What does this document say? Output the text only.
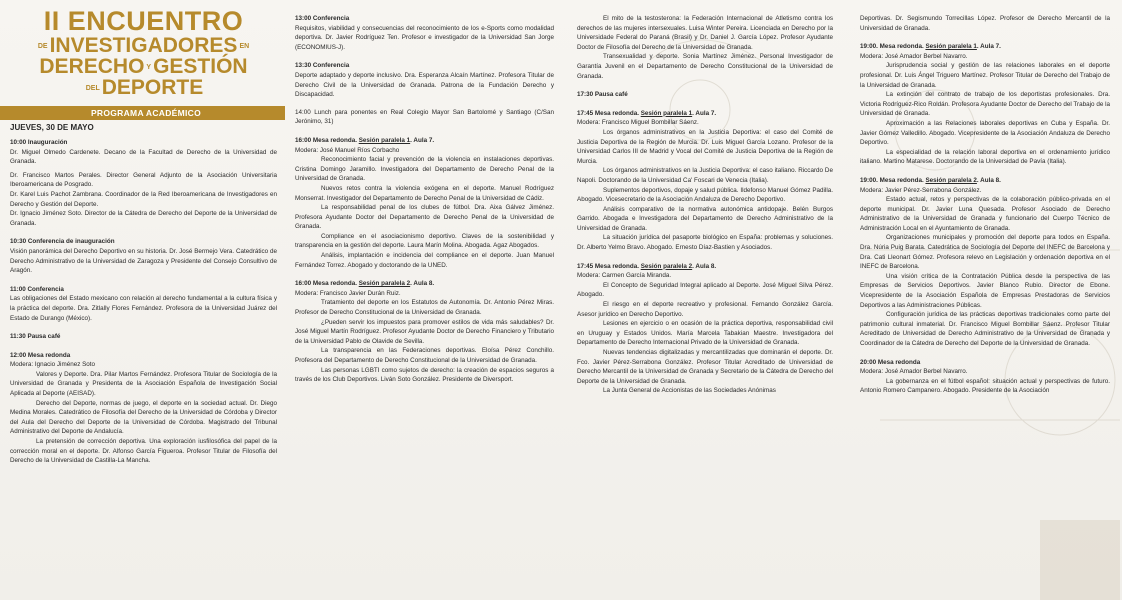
II ENCUENTRO
DEINVESTIGADORES EN
DERECHO YGESTIÓN
DELDEPORTE
PROGRAMA ACADÉMICO
JUEVES, 30 DE MAYO

10:00 Inauguración

Dr. Miguel Olmedo Cardenete. Decano de la Facultad de Derecho de la Universidad de Granada.

Dr. Francisco Martos Perales. Director General Adjunto de la Asociación Universitaria Iberoamericana de Posgrado.

Dr. Karel Luis Pachot Zambrana. Coordinador de la Red Iberoamericana de Investigadores en Derecho y Gestión del Deporte.

Dr. Ignacio Jiménez Soto. Director de la Cátedra de Derecho del Deporte de la Universidad de Granada.

10:30 Conferencia de inauguración

Visión panorámica del Derecho Deportivo en su historia. Dr. José Bermejo Vera. Catedrático de Derecho Administrativo de la Universidad de Zaragoza y Presidente del Consejo Consultivo de Aragón.

11:00 Conferencia

Las obligaciones del Estado mexicano con relación al derecho fundamental a la cultura física y la práctica del deporte. Dra. Zitlally Flores Fernández. Profesora de la Universidad Juárez del Estado de Durango (México).

11:30 Pausa café

12:00 Mesa redonda

Modera: Ignacio Jiménez Soto

Valores y Deporte. Dra. Pilar Martos Fernández. Profesora Titular de Sociología de la Universidad de Granada y Presidenta de la Asociación Española de Investigación Social Aplicada al Deporte (AEISAD).

Derecho del Deporte, normas de juego, el deporte en la sociedad actual. Dr. Diego Medina Morales. Catedrático de Filosofía del Derecho de la Universidad de Córdoba y Director del Aula del Derecho del Deporte de la Universidad de Córdoba. Magistrado del Tribunal Administrativo del Deporte de Andalucía.

La pretensión de corrección deportiva. Una exploración iusfilosófica del papel de la corrección moral en el deporte. Dr. Alfonso García Figueroa. Profesor Titular de Filosofía del Derecho de la Universidad de Castilla-La Mancha.

13:00 Conferencia

Requisitos, viabilidad y consecuencias del reconocimiento de los e-Sports como modalidad deportiva. Dr. Javier Rodríguez Ten. Profesor e investigador de la Universidad San Jorge (ECONOMIUS-J).

13:30 Conferencia

Deporte adaptado y deporte inclusivo. Dra. Esperanza Alcaín Martínez. Profesora Titular de Derecho Civil de la Universidad de Granada. Patrona de la Fundación Derecho y Discapacidad.

14:00 Lunch para ponentes en Real Colegio Mayor San Bartolomé y Santiago (C/San Jerónimo, 31)

16:00 Mesa redonda. Sesión paralela 1. Aula 7.

Modera: José Manuel Ríos Corbacho

Reconocimiento facial y prevención de la violencia en instalaciones deportivas. Cristina Domingo Jaramillo. Investigadora del Departamento de Derecho Penal de la Universidad de Granada.

Nuevos retos contra la violencia exógena en el deporte. Manuel Rodríguez Monserrat. Investigador del Departamento de Derecho Penal de la Universidad de Cádiz.

La responsabilidad penal de los clubes de fútbol. Dra. Aixa Gálvez Jiménez. Profesora Ayudante Doctor del Departamento de Derecho Penal de la Universidad de Granada.

Compliance en el asociacionismo deportivo. Claves de la sostenibilidad y transparencia en la gestión del deporte. Laura Marín Molina. Abogada. Agaz Abogados.

Análisis, implantación e incidencia del compliance en el deporte. Juan Manuel Fernández Torrez. Abogado y doctorando de la UNED.

16:00 Mesa redonda. Sesión paralela 2. Aula 8.

Modera: Francisco Javier Durán Ruiz.

Tratamiento del deporte en los Estatutos de Autonomía. Dr. Antonio Pérez Miras. Profesor de Derecho Constitucional de la Universidad de Granada.

¿Pueden servir los impuestos para promover estilos de vida más saludables? Dr. José Miguel Martín Rodríguez. Profesor Ayudante Doctor de Derecho Financiero y Tributario de la Universidad Pablo de Olavide de Sevilla.

La transparencia en las Federaciones deportivas. Eloísa Pérez Conchillo. Profesora del Departamento de Derecho Constitucional de la Universidad de Granada.

Las personas LGBTI como sujetos de derecho: la creación de espacios seguros a través de los Club Deportivos. Liván Soto González. Presidente de Diversport.

El mito de la testosterona: la Federación Internacional de Atletismo contra los derechos de las mujeres intersexuales. Luisa Winter Pereira. Licenciada en Derecho por la Universidade Federal do Paraná (Brasil) y Dr. Daniel J. García López. Profesor Ayudante Doctor de Filosofía del Derecho de la Universidad de Granada.

Transexualidad y deporte. Sonia Martínez Jiménez. Personal Investigador de Garantía Juvenil en el Departamento de Derecho Constitucional de la Universidad de Granada.

17:30 Pausa café

17:45 Mesa redonda. Sesión paralela 1. Aula 7.

Modera: Francisco Miguel Bombillar Sáenz.

Los órganos administrativos en la Justicia Deportiva: el caso del Comité de Justicia Deportiva de la Región de Murcia. Dr. Luis Miguel García Lozano. Profesor de la Universidad Carlos III de Madrid y Vocal del Comité de Justicia Deportiva de la Región de Murcia.

Los órganos administrativos en la Justicia Deportiva: el caso italiano. Riccardo De Napoli. Doctorando de la Universidad Ca' Foscari de Venecia (Italia).

Suplementos deportivos, dopaje y salud pública. Ildefonso Manuel Gómez Padilla. Abogado. Vicesecretario de la Asociación Andaluza de Derecho Deportivo.

Análisis comparativo de la normativa autonómica antidopaje. Belén Burgos Garrido. Abogada e Investigadora del Departamento de Derecho Administrativo de la Universidad de Granada.

La situación jurídica del pasaporte biológico en España: problemas y soluciones. Dr. Alberto Yelmo Bravo. Abogado. Ernesto Díaz-Bastien y Asociados.

17:45 Mesa redonda. Sesión paralela 2. Aula 8.

Modera: Carmen García Miranda.

El Concepto de Seguridad Integral aplicado al Deporte. José Miguel Silva Pérez. Abogado.

El riesgo en el deporte recreativo y profesional. Fernando González García. Asesor jurídico en Derecho Deportivo.

Lesiones en ejercicio o en ocasión de la práctica deportiva, responsabilidad civil en Uruguay y Estados Unidos. María Marcela Tabakian Maestre. Investigadora del Departamento de Derecho Internacional Privado de la Universidad de Granada.

Nuevas tendencias digitalizadas y mercantilizadas que dominarán el deporte. Dr. Fco. Javier Pérez-Serrabona González. Profesor Titular Acreditado de Universidad de Derecho Mercantil de la Universidad de Granada y Secretario de la Cátedra de Derecho del Deporte de la Universidad de Granada.

La Junta General de Accionistas de las Sociedades Anónimas

Deportivas. Dr. Segismundo Torrecillas López. Profesor de Derecho Mercantil de la Universidad de Granada.

19:00. Mesa redonda. Sesión paralela 1. Aula 7.

Modera: José Amador Berbel Navarro.

Jurisprudencia social y gestión de las relaciones laborales en el deporte profesional. Dr. Luis Ángel Triguero Martínez. Profesor Titular de Derecho del Trabajo de la Universidad de Granada.

La extinción del contrato de trabajo de los deportistas profesionales. Dra. Victoria Rodríguez-Rico Roldán. Profesora Ayudante Doctor de Derecho del Trabajo de la Universidad de Granada.

Aproximación a las Relaciones laborales deportivas en Cuba y España. Dr. Javier Gómez Valledillo. Abogado. Vicepresidente de la Asociación Andaluza de Derecho Deportivo.

La especialidad de la relación laboral deportiva en el ordenamiento jurídico italiano. Martino Matarese. Doctorando de la Universidad de Pavía (Italia).

19:00. Mesa redonda. Sesión paralela 2. Aula 8.

Modera: Javier Pérez-Serrabona González.

Estado actual, retos y perspectivas de la colaboración público-privada en el deporte municipal. Dr. Javier Luna Quesada. Profesor Asociado de Derecho Administrativo de la Universidad de Granada y funcionario del Cuerpo Técnico de Administración Local en el Ayuntamiento de Granada.

Organizaciones municipales y promoción del deporte para todos en España. Dra. Núria Puig Barata. Catedrática de Sociología del Deporte del INEFC de Barcelona y Dra. Cati Lleonart Gómez. Profesora relevo en Legislación y ordenación deportiva en el INEFC de Barcelona.

Una visión crítica de la Contratación Pública desde la perspectiva de las Empresas de Servicios Deportivos. Javier Blanco Rubio. Director de Ebone. Vicepresidente de la Asociación Española de Empresas Prestadoras de Servicios Deportivos a las Administraciones Públicas.

Configuración jurídica de las prácticas deportivas tradicionales como parte del patrimonio cultural inmaterial. Dr. Francisco Miguel Bombillar Sáenz. Profesor Titular Acreditado de Universidad de Derecho Administrativo de la Universidad de Granada y Coordinador de la Cátedra de Derecho del Deporte de la Universidad de Granada.

20:00 Mesa redonda

Modera: José Amador Berbel Navarro.

La gobernanza en el fútbol español: situación actual y perspectivas de futuro. Antonio Romero Campanero. Abogado. Presidente de la Asociación
